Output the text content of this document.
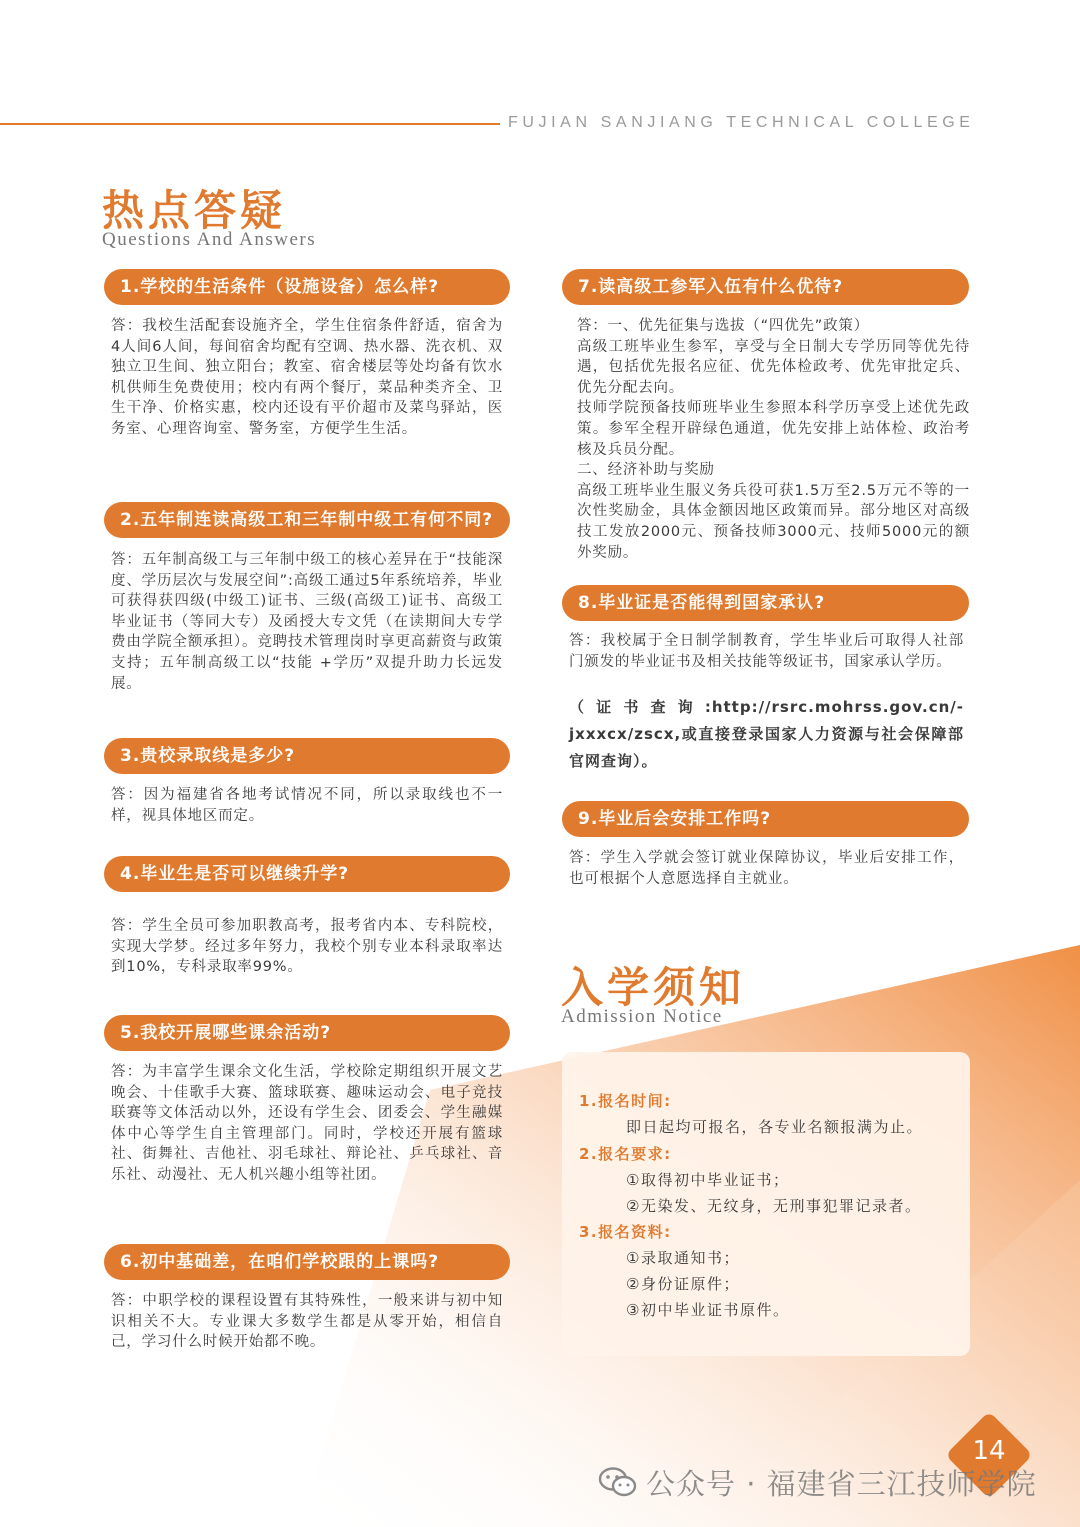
FUJIAN SANJIANG TECHNICAL COLLEGE
热点答疑
Questions And Answers
1.学校的生活条件（设施设备）怎么样?

答：我校生活配套设施齐全，学生住宿条件舒适，宿舍为4人间6人间，每间宿舍均配有空调、热水器、洗衣机、双独立卫生间、独立阳台；教室、宿舍楼层等处均备有饮水机供师生免费使用；校内有两个餐厅，菜品种类齐全、卫生干净、价格实惠，校内还设有平价超市及菜鸟驿站，医务室、心理咨询室、警务室，方便学生生活。

2.五年制连读高级工和三年制中级工有何不同?

答：五年制高级工与三年制中级工的核心差异在于“技能深度、学历层次与发展空间”:高级工通过5年系统培养，毕业可获得获四级(中级工)证书、三级(高级工)证书、高级工毕业证书（等同大专）及函授大专文凭（在读期间大专学费由学院全额承担）。竞聘技术管理岗时享更高薪资与政策支持；五年制高级工以“技能 +学历”双提升助力长远发展。

3.贵校录取线是多少?

答：因为福建省各地考试情况不同，所以录取线也不一样，视具体地区而定。

4.毕业生是否可以继续升学?

答：学生全员可参加职教高考，报考省内本、专科院校，实现大学梦。经过多年努力，我校个别专业本科录取率达到10%，专科录取率99%。

5.我校开展哪些课余活动?

答：为丰富学生课余文化生活，学校除定期组织开展文艺晚会、十佳歌手大赛、篮球联赛、趣味运动会、电子竞技联赛等文体活动以外，还设有学生会、团委会、学生融媒体中心等学生自主管理部门。同时，学校还开展有篮球社、街舞社、吉他社、羽毛球社、辩论社、乒乓球社、音乐社、动漫社、无人机兴趣小组等社团。

6.初中基础差，在咱们学校跟的上课吗?

答：中职学校的课程设置有其特殊性，一般来讲与初中知识相关不大。专业课大多数学生都是从零开始，相信自己，学习什么时候开始都不晚。

7.读高级工参军入伍有什么优待?

答：一、优先征集与选拔（“四优先”政策）
高级工班毕业生参军，享受与全日制大专学历同等优先待遇，包括优先报名应征、优先体检政考、优先审批定兵、优先分配去向。
技师学院预备技师班毕业生参照本科学历享受上述优先政策。参军全程开辟绿色通道，优先安排上站体检、政治考核及兵员分配。
二、经济补助与奖励
高级工班毕业生服义务兵役可获1.5万至2.5万元不等的一次性奖励金，具体金额因地区政策而异。部分地区对高级技工发放2000元、预备技师3000元、技师5000元的额外奖励。

8.毕业证是否能得到国家承认?

答：我校属于全日制学制教育，学生毕业后可取得人社部门颁发的毕业证书及相关技能等级证书，国家承认学历。

（证书查询:http://rsrc.mohrss.gov.cn/-jxxxcx/zscx,或直接登录国家人力资源与社会保障部官网查询）。

9.毕业后会安排工作吗?

答：学生入学就会签订就业保障协议，毕业后安排工作，也可根据个人意愿选择自主就业。

入学须知
Admission Notice
1.报名时间:
即日起均可报名，各专业名额报满为止。
2.报名要求:
①取得初中毕业证书；
②无染发、无纹身，无刑事犯罪记录者。
3.报名资料:
①录取通知书；
②身份证原件；
③初中毕业证书原件。
14
公众号 · 福建省三江技师学院
